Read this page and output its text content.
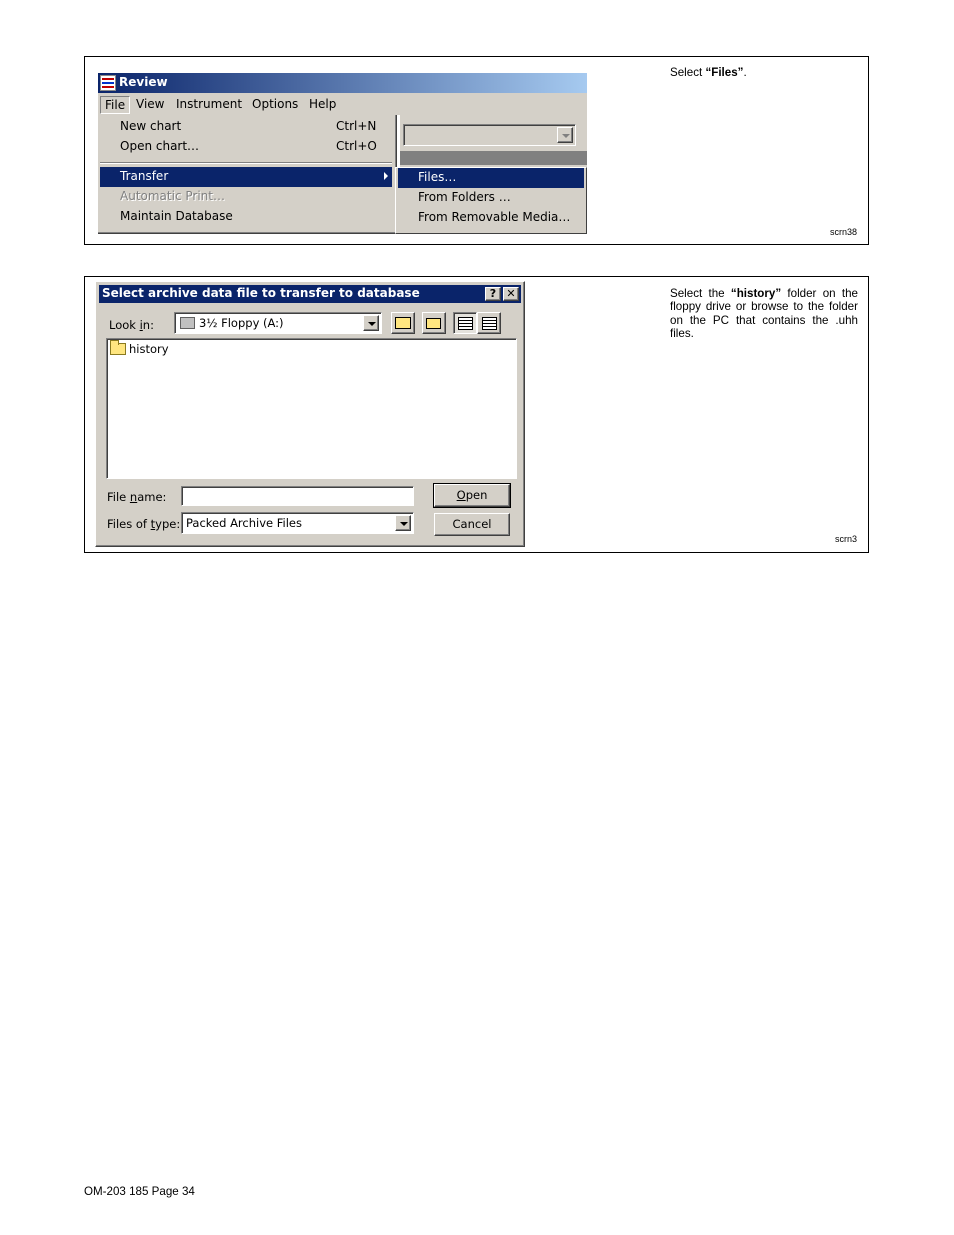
Review
File View Instrument Options Help
New chart	Ctrl+N
Open chart…	Ctrl+O
Transfer
Automatic Print…
Maintain Database
Files…
From Folders …
From Removable Media…
Select “Files”.
scrn38
Select archive data file to transfer to database	? ✕
Look in:	3½ Floppy (A:)
history
File name:
Files of type: Packed Archive Files
Open
Cancel
Select the “history” folder on the floppy drive or browse to the folder on the PC that contains the .uhh files.
scrn3
OM-203 185 Page 34
